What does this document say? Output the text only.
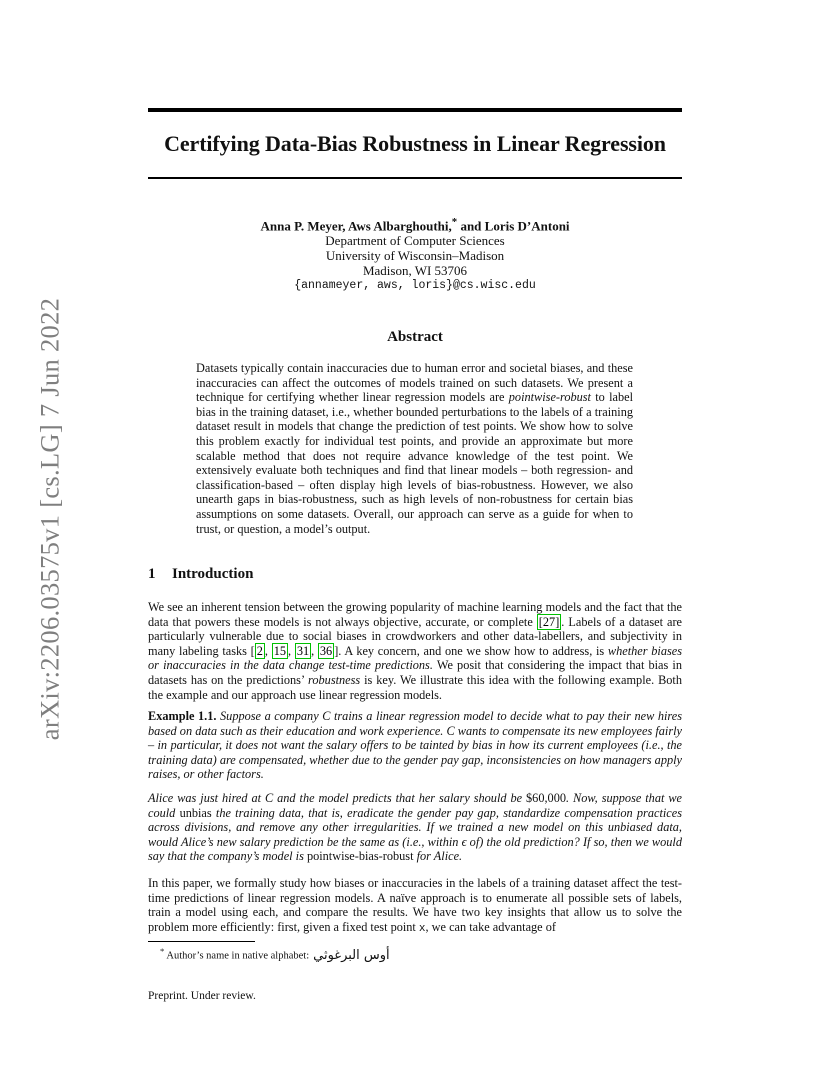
Certifying Data-Bias Robustness in Linear Regression
Anna P. Meyer, Aws Albarghouthi,* and Loris D’Antoni
Department of Computer Sciences
University of Wisconsin–Madison
Madison, WI 53706
{annameyer, aws, loris}@cs.wisc.edu
arXiv:2206.03575v1 [cs.LG] 7 Jun 2022	Abstract

Datasets typically contain inaccuracies due to human error and societal biases, and these inaccuracies can affect the outcomes of models trained on such datasets. We present a technique for certifying whether linear regression models are pointwise-robust to label bias in the training dataset, i.e., whether bounded perturbations to the labels of a training dataset result in models that change the prediction of test points. We show how to solve this problem exactly for individual test points, and provide an approximate but more scalable method that does not require advance knowledge of the test point. We extensively evaluate both techniques and find that linear models – both regression- and classification-based – often display high levels of bias-robustness. However, we also unearth gaps in bias-robustness, such as high levels of non-robustness for certain bias assumptions on some datasets. Overall, our approach can serve as a guide for when to trust, or question, a model’s output.

1 Introduction

We see an inherent tension between the growing popularity of machine learning models and the fact that the data that powers these models is not always objective, accurate, or complete [27] . Labels of a dataset are particularly vulnerable due to social biases in crowdworkers and other data-labellers, and subjectivity in many labeling tasks [ 2 , 15 , 31 , 36 ]. A key concern, and one we show how to address, is whether biases or inaccuracies in the data change test-time predictions. We posit that considering the impact that bias in datasets has on the predictions’ robustness is key. We illustrate this idea with the following example. Both the example and our approach use linear regression models.

Example 1.1. Suppose a company C trains a linear regression model to decide what to pay their new hires based on data such as their education and work experience. C wants to compensate its new employees fairly – in particular, it does not want the salary offers to be tainted by bias in how its current employees (i.e., the training data) are compensated, whether due to the gender pay gap, inconsistencies on how managers apply raises, or other factors.

Alice was just hired at C and the model predicts that her salary should be $60,000. Now, suppose that we could unbias the training data, that is, eradicate the gender pay gap, standardize compensation practices across divisions, and remove any other irregularities. If we trained a new model on this unbiased data, would Alice’s new salary prediction be the same as (i.e., within ϵ of) the old prediction? If so, then we would say that the company’s model is pointwise-bias-robust for Alice.

In this paper, we formally study how biases or inaccuracies in the labels of a training dataset affect the test-time predictions of linear regression models. A naïve approach is to enumerate all possible sets of labels, train a model using each, and compare the results. We have two key insights that allow us to solve the problem more efficiently: first, given a fixed test point x, we can take advantage of

* Author’s name in native alphabet: أوس البرغوثي
Preprint. Under review.
